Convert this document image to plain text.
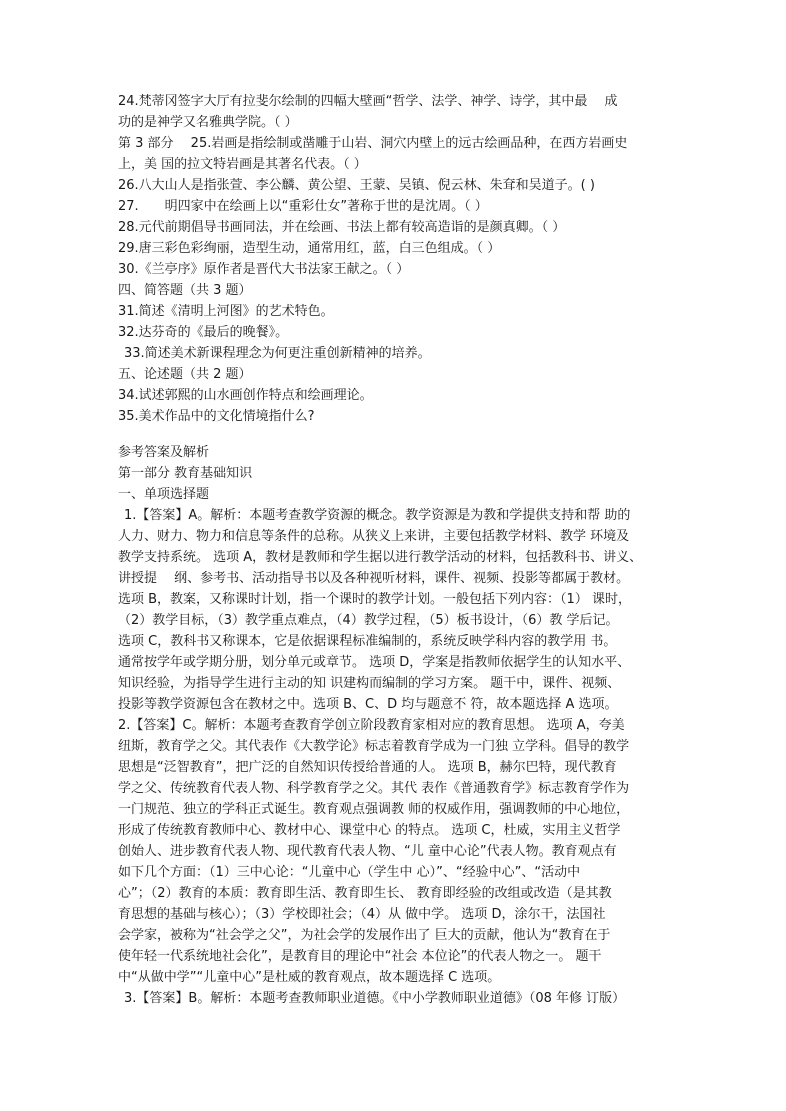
24.梵蒂冈签字大厅有拉斐尔绘制的四幅大壁画“哲学、法学、神学、诗学，其中最　 成
功的是神学又名雅典学院。（ ）
第 3 部分　 25.岩画是指绘制或凿雕于山岩、洞穴内壁上的远古绘画品种，在西方岩画史
上，美 国的拉文特岩画是其著名代表。（ ）
26.八大山人是指张萱、李公麟、黄公望、王蒙、吴镇、倪云林、朱耷和吴道子。( )
27.　　明四家中在绘画上以“重彩仕女”著称于世的是沈周。（ ）
28.元代前期倡导书画同法，并在绘画、书法上都有较高造诣的是颜真卿。（ ）
29.唐三彩色彩绚丽，造型生动，通常用红，蓝，白三色组成。（ ）
30.《兰亭序》原作者是晋代大书法家王献之。（ ）
四、简答题（共 3 题）
31.简述《清明上河图》的艺术特色。
32.达芬奇的《最后的晚餐》。
33.简述美术新课程理念为何更注重创新精神的培养。
五、论述题（共 2 题）
34.试述郭熙的山水画创作特点和绘画理论。
35.美术作品中的文化情境指什么?
参考答案及解析
第一部分 教育基础知识
一、单项选择题
1.【答案】A。解析：本题考查教学资源的概念。教学资源是为教和学提供支持和帮 助的
人力、财力、物力和信息等条件的总称。从狭义上来讲，主要包括教学材料、教学 环境及
教学支持系统。 选项 A，教材是教师和学生据以进行教学活动的材料，包括教科书、讲义、
讲授提　 纲、参考书、活动指导书以及各种视听材料，课件、视频、投影等都属于教材。
选项 B，教案，又称课时计划，指一个课时的教学计划。一般包括下列内容：（1） 课时，
（2）教学目标，（3）教学重点难点，（4）教学过程，（5）板书设计，（6）教 学后记。
选项 C，教科书又称课本，它是依据课程标准编制的，系统反映学科内容的教学用 书。
通常按学年或学期分册，划分单元或章节。 选项 D，学案是指教师依据学生的认知水平、
知识经验，为指导学生进行主动的知 识建构而编制的学习方案。 题干中，课件、视频、
投影等教学资源包含在教材之中。选项 B、C、D 均与题意不 符，故本题选择 A 选项。
2.【答案】C。解析：本题考查教育学创立阶段教育家相对应的教育思想。 选项 A，夸美
纽斯，教育学之父。其代表作《大教学论》标志着教育学成为一门独 立学科。倡导的教学
思想是“泛智教育”，把广泛的自然知识传授给普通的人。 选项 B，赫尔巴特，现代教育
学之父、传统教育代表人物、科学教育学之父。其代 表作《普通教育学》标志教育学作为
一门规范、独立的学科正式诞生。教育观点强调教 师的权威作用，强调教师的中心地位，
形成了传统教育教师中心、教材中心、课堂中心 的特点。 选项 C，杜威，实用主义哲学
创始人、进步教育代表人物、现代教育代表人物、“儿 童中心论”代表人物。教育观点有
如下几个方面：（1）三中心论：“儿童中心（学生中 心）”、“经验中心”、“活动中
心”；（2）教育的本质：教育即生活、教育即生长、 教育即经验的改组或改造（是其教
育思想的基础与核心）；（3）学校即社会；（4）从 做中学。 选项 D，涂尔干，法国社
会学家，被称为“社会学之父”，为社会学的发展作出了 巨大的贡献，他认为“教育在于
使年轻一代系统地社会化”，是教育目的理论中“社会 本位论”的代表人物之一。 题干
中“从做中学”“儿童中心”是杜威的教育观点，故本题选择 C 选项。
3.【答案】B。解析：本题考查教师职业道德。《中小学教师职业道德》（08 年修 订版）
